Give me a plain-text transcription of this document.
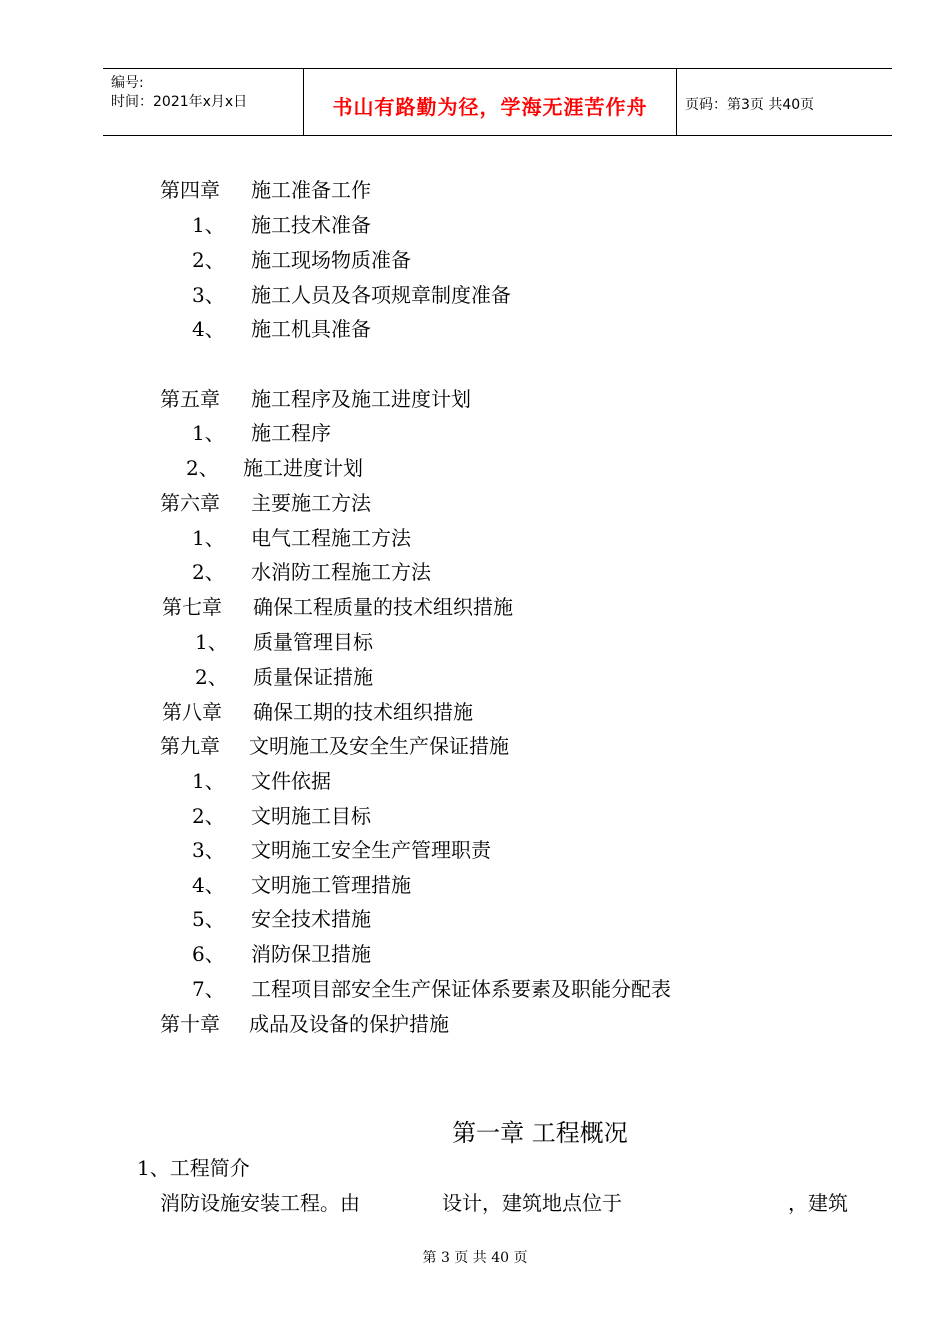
编号:
时间：2021年x月x日	书山有路勤为径，学海无涯苦作舟	页码：第3页 共40页
第四章 施工准备工作
1、 施工技术准备
2、 施工现场物质准备
3、 施工人员及各项规章制度准备
4、 施工机具准备
第五章 施工程序及施工进度计划
1、 施工程序
2、 施工进度计划
第六章 主要施工方法
1、 电气工程施工方法
2、 水消防工程施工方法
第七章 确保工程质量的技术组织措施
1、 质量管理目标
2、 质量保证措施
第八章 确保工期的技术组织措施
第九章 文明施工及安全生产保证措施
1、 文件依据
2、 文明施工目标
3、 文明施工安全生产管理职责
4、 文明施工管理措施
5、 安全技术措施
6、 消防保卫措施
7、 工程项目部安全生产保证体系要素及职能分配表
第十章 成品及设备的保护措施
第一章 工程概况
1、工程简介
消防设施安装工程。由	设计，建筑地点位于	，建筑
第 3 页 共 40 页
